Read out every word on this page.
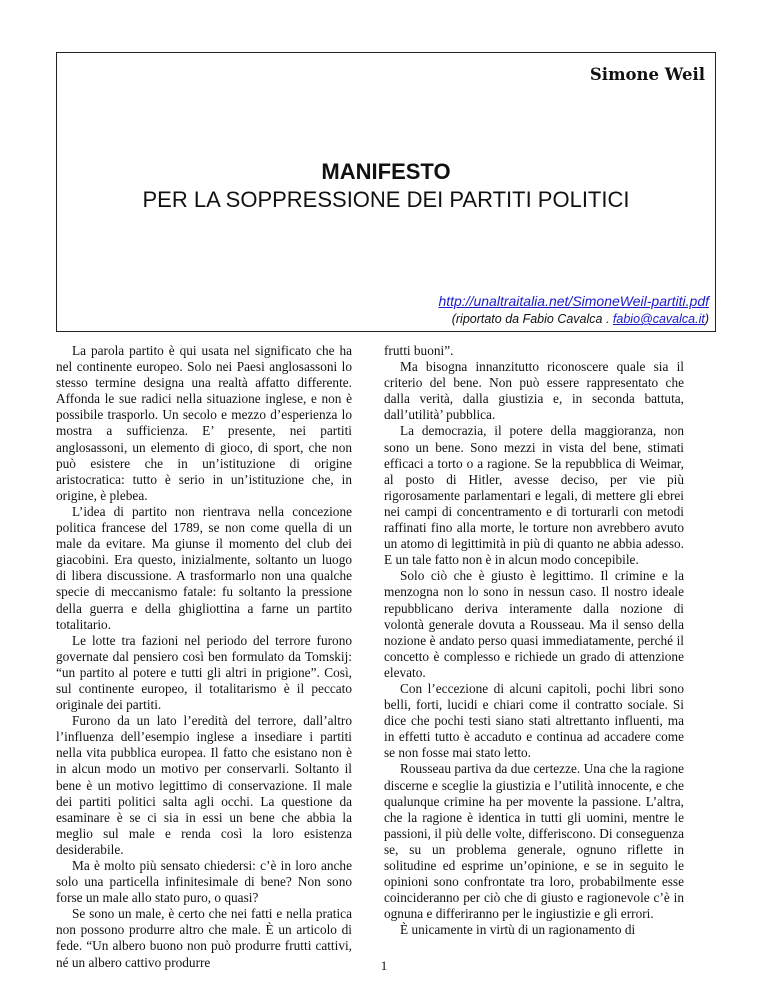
Simone Weil
MANIFESTO
PER LA SOPPRESSIONE DEI PARTITI POLITICI
http://unaltraitalia.net/SimoneWeil-partiti.pdf
(riportato da Fabio Cavalca . fabio@cavalca.it)

La parola partito è qui usata nel significato che ha nel continente europeo. Solo nei Paesi anglosassoni lo stesso termine designa una realtà affatto differente. Affonda le sue radici nella situazione inglese, e non è possibile trasporlo. Un secolo e mezzo d’esperienza lo mostra a sufficienza. E’ presente, nei partiti anglosassoni, un elemento di gioco, di sport, che non può esistere che in un’istituzione di origine aristocratica: tutto è serio in un’istituzione che, in origine, è plebea.

L’idea di partito non rientrava nella concezione politica francese del 1789, se non come quella di un male da evitare. Ma giunse il momento del club dei giacobini. Era questo, inizialmente, soltanto un luogo di libera discussione. A trasformarlo non una qualche specie di meccanismo fatale: fu soltanto la pressione della guerra e della ghigliottina a farne un partito totalitario.

Le lotte tra fazioni nel periodo del terrore furono governate dal pensiero così ben formulato da Tomskij: “un partito al potere e tutti gli altri in prigione”. Così, sul continente europeo, il totalitarismo è il peccato originale dei partiti.

Furono da un lato l’eredità del terrore, dall’altro l’influenza dell’esempio inglese a insediare i partiti nella vita pubblica europea. Il fatto che esistano non è in alcun modo un motivo per conservarli. Soltanto il bene è un motivo legittimo di conservazione. Il male dei partiti politici salta agli occhi. La questione da esaminare è se ci sia in essi un bene che abbia la meglio sul male e renda così la loro esistenza desiderabile.

Ma è molto più sensato chiedersi: c’è in loro anche solo una particella infinitesimale di bene? Non sono forse un male allo stato puro, o quasi?

Se sono un male, è certo che nei fatti e nella pratica non possono produrre altro che male. È un articolo di fede. “Un albero buono non può produrre frutti cattivi, né un albero cattivo produrre

frutti buoni”.

Ma bisogna innanzitutto riconoscere quale sia il criterio del bene. Non può essere rappresentato che dalla verità, dalla giustizia e, in seconda battuta, dall’utilità’ pubblica.

La democrazia, il potere della maggioranza, non sono un bene. Sono mezzi in vista del bene, stimati efficaci a torto o a ragione. Se la repubblica di Weimar, al posto di Hitler, avesse deciso, per vie più rigorosamente parlamentari e legali, di mettere gli ebrei nei campi di concentramento e di torturarli con metodi raffinati fino alla morte, le torture non avrebbero avuto un atomo di legittimità in più di quanto ne abbia adesso. E un tale fatto non è in alcun modo concepibile.

Solo ciò che è giusto è legittimo. Il crimine e la menzogna non lo sono in nessun caso. Il nostro ideale repubblicano deriva interamente dalla nozione di volontà generale dovuta a Rousseau. Ma il senso della nozione è andato perso quasi immediatamente, perché il concetto è complesso e richiede un grado di attenzione elevato.

Con l’eccezione di alcuni capitoli, pochi libri sono belli, forti, lucidi e chiari come il contratto sociale. Si dice che pochi testi siano stati altrettanto influenti, ma in effetti tutto è accaduto e continua ad accadere come se non fosse mai stato letto.

Rousseau partiva da due certezze. Una che la ragione discerne e sceglie la giustizia e l’utilità innocente, e che qualunque crimine ha per movente la passione. L’altra, che la ragione è identica in tutti gli uomini, mentre le passioni, il più delle volte, differiscono. Di conseguenza se, su un problema generale, ognuno riflette in solitudine ed esprime un’opinione, e se in seguito le opinioni sono confrontate tra loro, probabilmente esse coincideranno per ciò che di giusto e ragionevole c’è in ognuna e differiranno per le ingiustizie e gli errori.

È unicamente in virtù di un ragionamento di

1
